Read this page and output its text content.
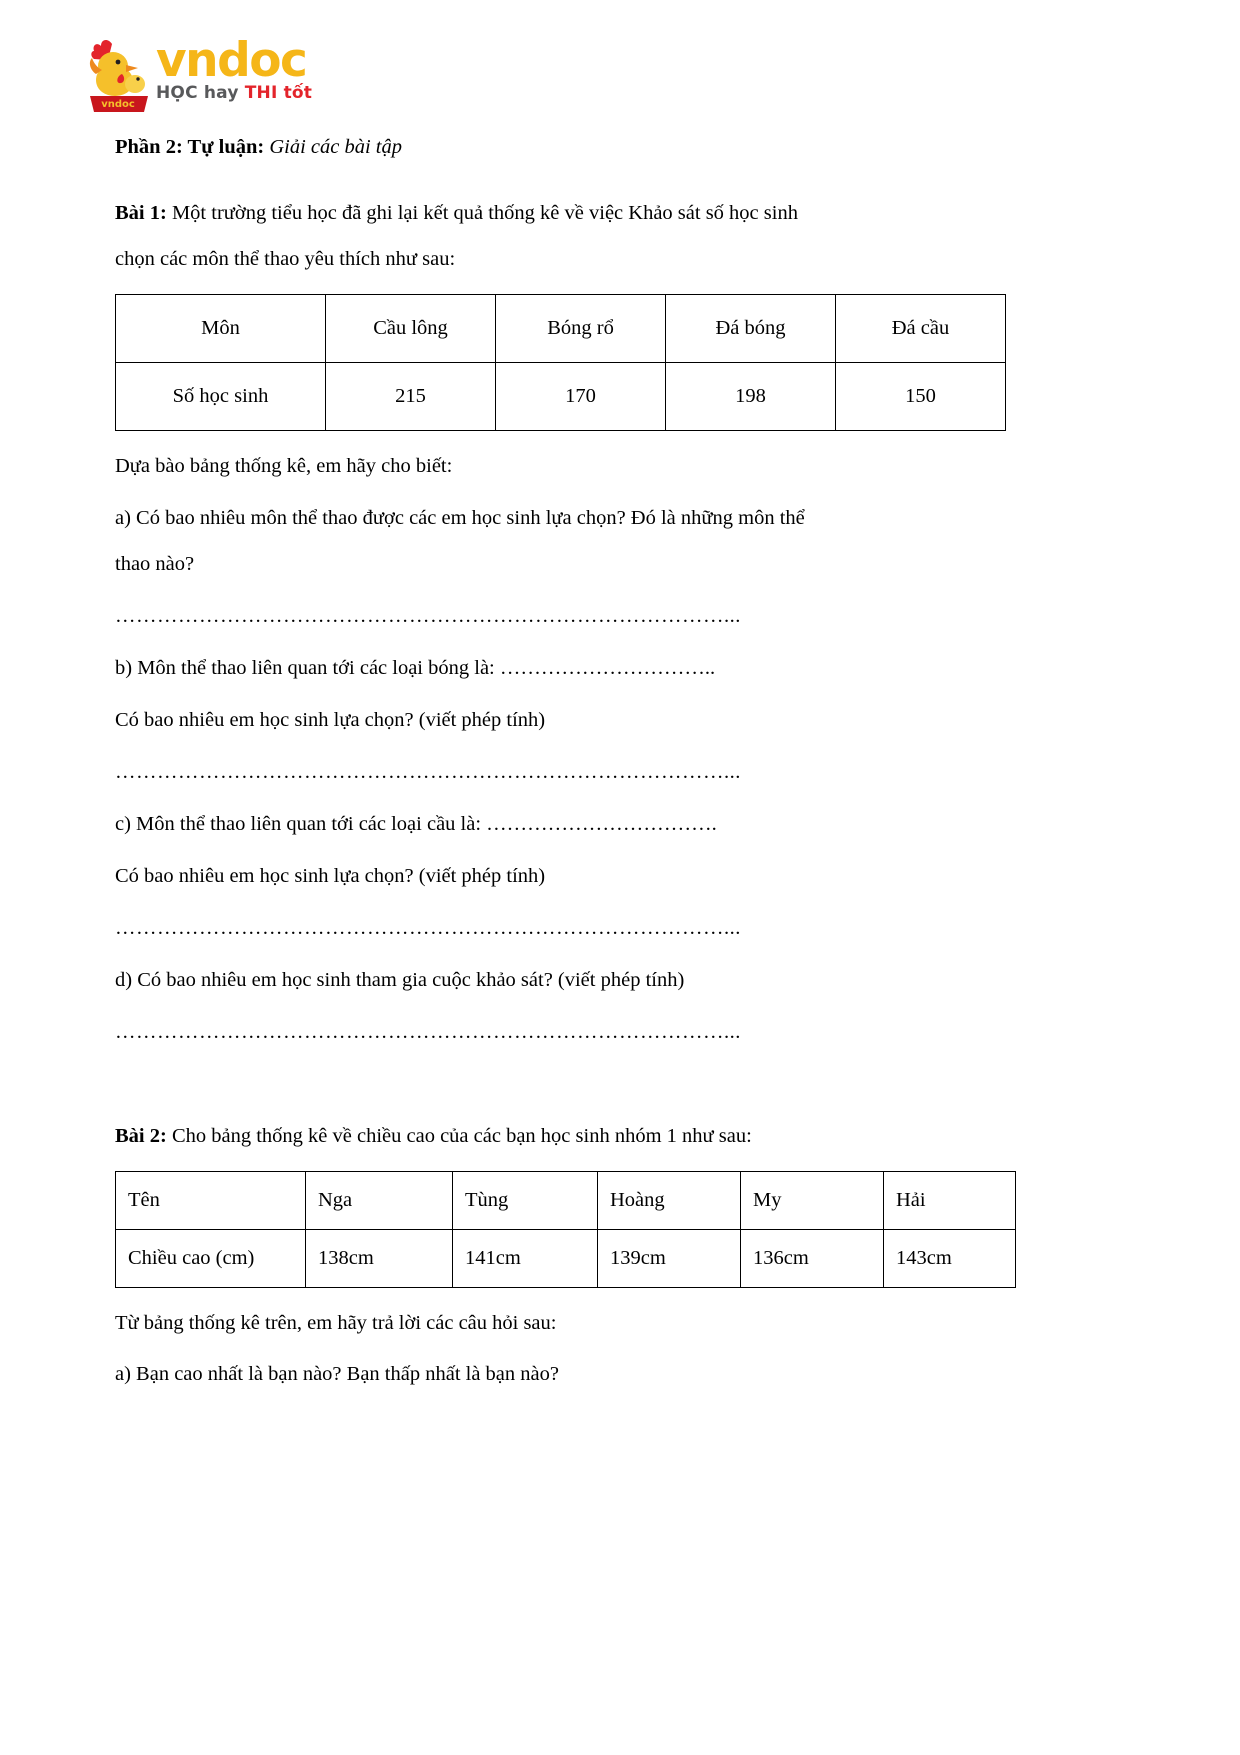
vndoc
vndoc
HỌC hay THI tốt

Phần 2: Tự luận: Giải các bài tập

Bài 1: Một trường tiểu học đã ghi lại kết quả thống kê về việc Khảo sát số học sinh

chọn các môn thể thao yêu thích như sau:

Môn	Cầu lông	Bóng rổ	Đá bóng	Đá cầu
Số học sinh	215	170	198	150

Dựa bào bảng thống kê, em hãy cho biết:

a) Có bao nhiêu môn thể thao được các em học sinh lựa chọn? Đó là những môn thể

thao nào?

……………………………………………………………………………...

b) Môn thể thao liên quan tới các loại bóng là: …………………………..

Có bao nhiêu em học sinh lựa chọn? (viết phép tính)

……………………………………………………………………………...

c) Môn thể thao liên quan tới các loại cầu là: …………………………….

Có bao nhiêu em học sinh lựa chọn? (viết phép tính)

……………………………………………………………………………...

d) Có bao nhiêu em học sinh tham gia cuộc khảo sát? (viết phép tính)

……………………………………………………………………………...

Bài 2: Cho bảng thống kê về chiều cao của các bạn học sinh nhóm 1 như sau:

Tên	Nga	Tùng	Hoàng	My	Hải
Chiều cao (cm)	138cm	141cm	139cm	136cm	143cm

Từ bảng thống kê trên, em hãy trả lời các câu hỏi sau:

a) Bạn cao nhất là bạn nào? Bạn thấp nhất là bạn nào?
